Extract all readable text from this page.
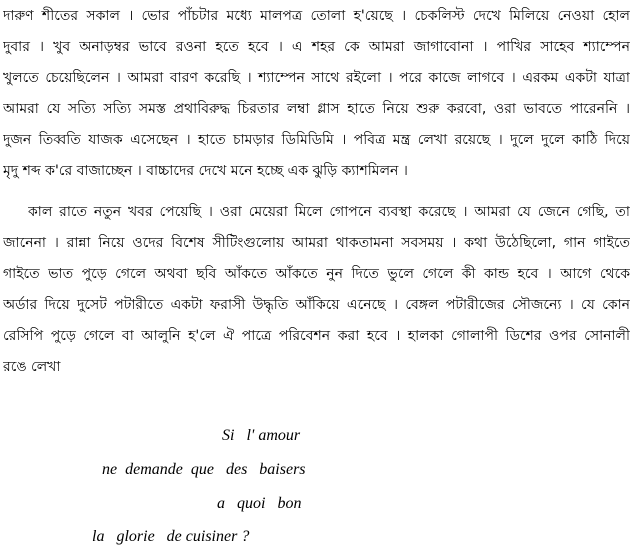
দারুণ শীতের সকাল । ভোর পাঁচটার মধ্যে মালপত্র তোলা হ'য়েছে । চেকলিস্ট দেখে মিলিয়ে নেওয়া হোল
দুবার । খুব অনাড়ম্বর ভাবে রওনা হতে হবে । এ শহর কে আমরা জাগাবোনা । পাখির সাহেব শ্যাম্পেন
খুলতে চেয়েছিলেন । আমরা বারণ করেছি । শ্যাম্পেন সাথে রইলো । পরে কাজে লাগবে । এরকম একটা যাত্রা
আমরা যে সত্যি সত্যি সমস্ত প্রথাবিরুদ্ধ চিরতার লম্বা গ্লাস হাতে নিয়ে শুরু করবো, ওরা ভাবতে পারেননি ।
দুজন তিব্বতি যাজক এসেছেন । হাতে চামড়ার ডিমিডিমি । পবিত্র মন্ত্র লেখা রয়েছে । দুলে দুলে কাঠি দিয়ে
মৃদু শব্দ ক'রে বাজাচ্ছেন । বাচ্চাদের দেখে মনে হচ্ছে এক ঝুড়ি ক্যাশমিলন ।
কাল রাতে নতুন খবর পেয়েছি । ওরা মেয়েরা মিলে গোপনে ব্যবস্থা করেছে । আমরা যে জেনে গেছি, তা
জানেনা । রান্না নিয়ে ওদের বিশেষ সীটিংগুলোয় আমরা থাকতামনা সবসময় । কথা উঠেছিলো, গান গাইতে
গাইতে ভাত পুড়ে গেলে অথবা ছবি আঁকতে আঁকতে নুন দিতে ভুলে গেলে কী কান্ড হবে । আগে থেকে
অর্ডার দিয়ে দুসেট পটারীতে একটা ফরাসী উদ্ধৃতি আঁকিয়ে এনেছে । বেঙ্গল পটারীজের সৌজন্যে । যে কোন
রেসিপি পুড়ে গেলে বা আলুনি হ'লে ঐ পাত্রে পরিবেশন করা হবে । হালকা গোলাপী ডিশের ওপর সোনালী
রঙে লেখা
Si   l' amour
ne  demande  que   des   baisers
a   quoi   bon
la   glorie   de cuisiner ?
